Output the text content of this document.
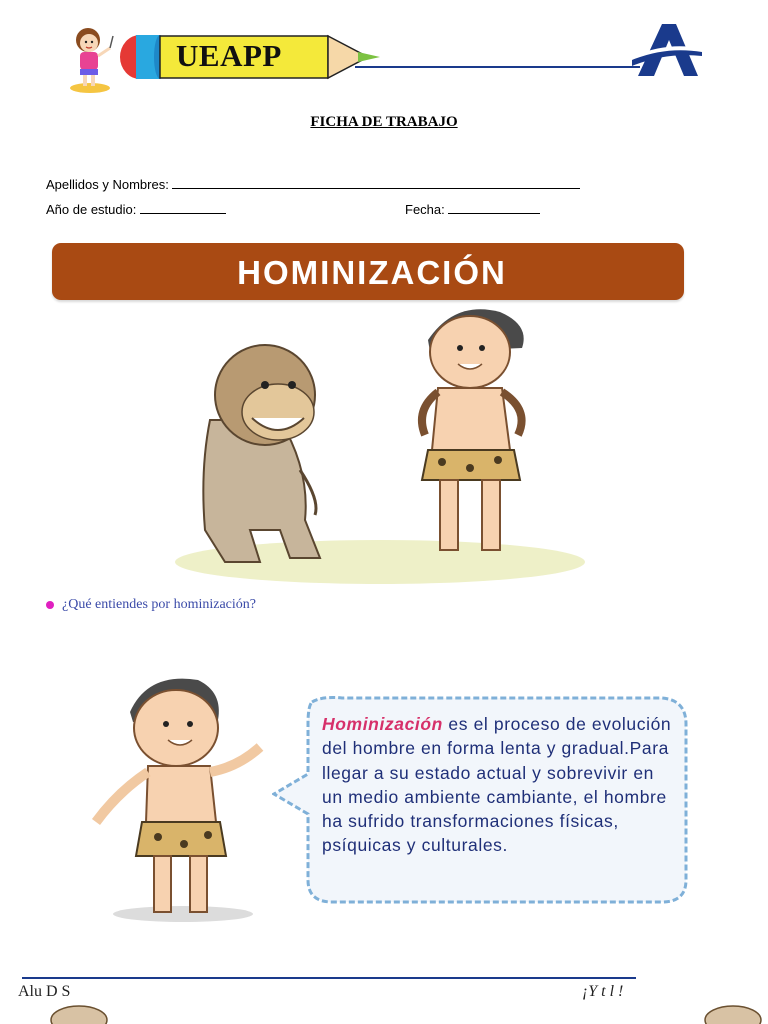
UEAPP
FICHA DE TRABAJO
Apellidos y Nombres:
Año de estudio:	Fecha:
HOMINIZACIÓN
¿Qué entiendes por hominización?
Hominización es el proceso de evolución del hombre en forma lenta y gradual.Para llegar a su estado actual y sobrevivir en un medio ambiente cambiante, el hombre ha sufrido transformaciones físicas, psíquicas y culturales.
Alu D S	¡Y t l !
